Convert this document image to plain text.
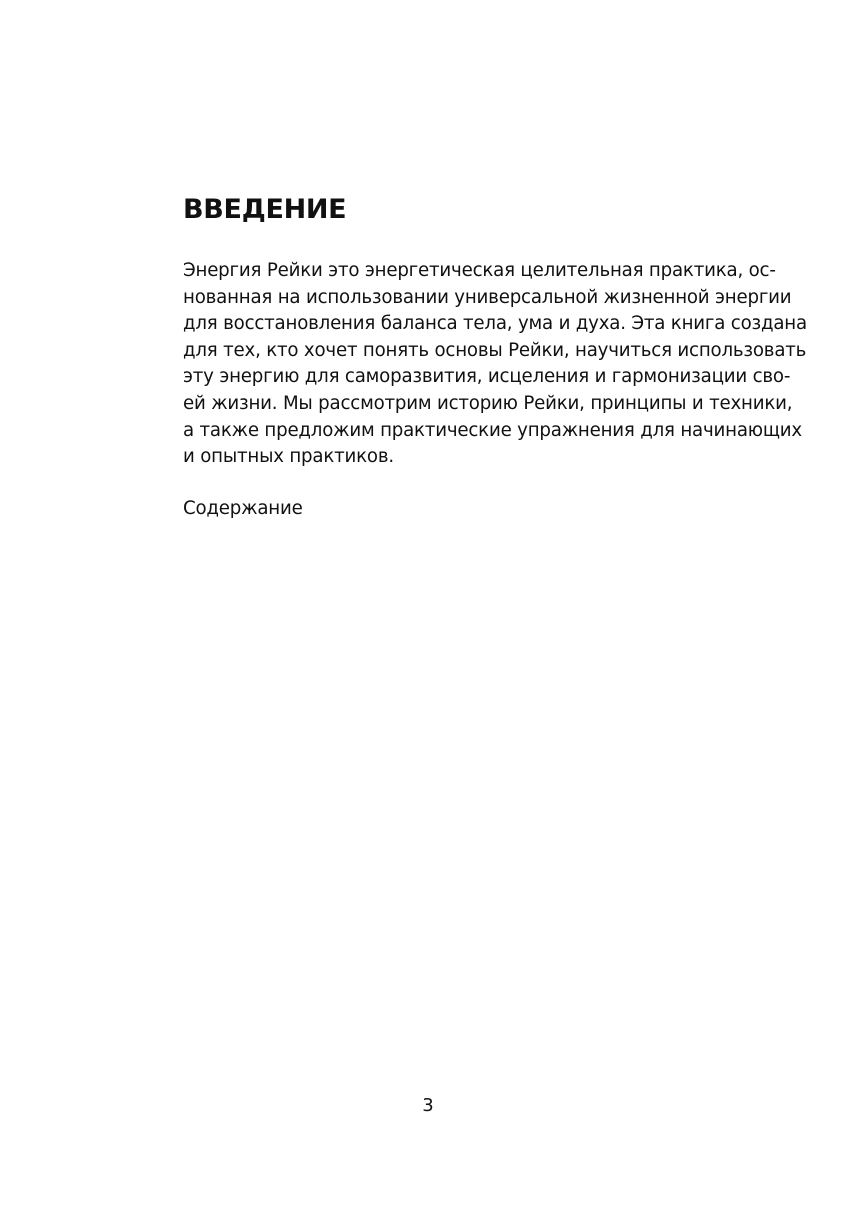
ВВЕДЕНИЕ
Энергия Рейки это энергетическая целительная практика, ос-
нованная на использовании универсальной жизненной энергии
для восстановления баланса тела, ума и духа. Эта книга создана
для тех, кто хочет понять основы Рейки, научиться использовать
эту энергию для саморазвития, исцеления и гармонизации сво-
ей жизни. Мы рассмотрим историю Рейки, принципы и техники,
а также предложим практические упражнения для начинающих
и опытных практиков.

Содержание

3
